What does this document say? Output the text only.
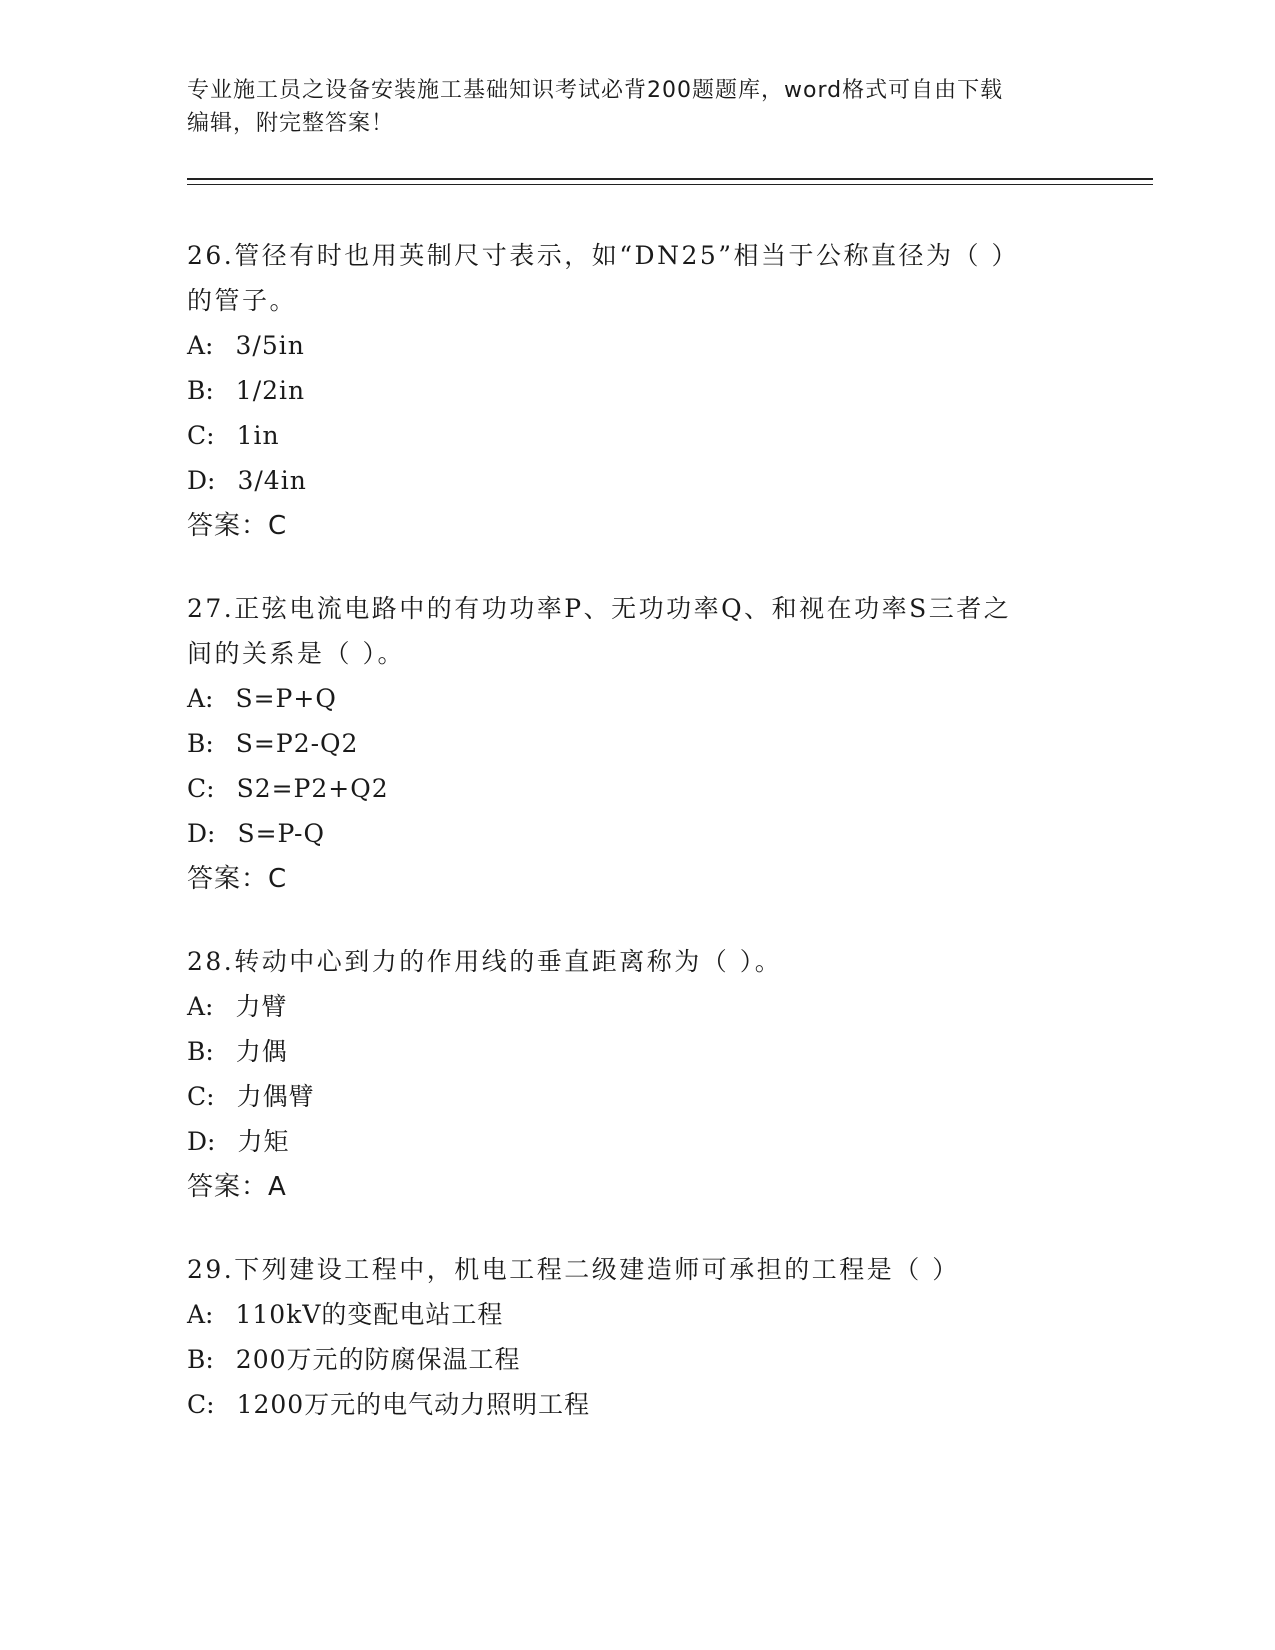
专业施工员之设备安装施工基础知识考试必背200题题库，word格式可自由下载
编辑，附完整答案！
26.管径有时也用英制尺寸表示，如“DN25”相当于公称直径为（ ）
的管子。
A: 3/5in
B: 1/2in
C: 1in
D: 3/4in
答案：C
27.正弦电流电路中的有功功率P、无功功率Q、和视在功率S三者之
间的关系是（ ）。
A: S=P+Q
B: S=P2-Q2
C: S2=P2+Q2
D: S=P-Q
答案：C
28.转动中心到力的作用线的垂直距离称为（ ）。
A: 力臂
B: 力偶
C: 力偶臂
D: 力矩
答案：A
29.下列建设工程中，机电工程二级建造师可承担的工程是（ ）
A: 110kV的变配电站工程
B: 200万元的防腐保温工程
C: 1200万元的电气动力照明工程
